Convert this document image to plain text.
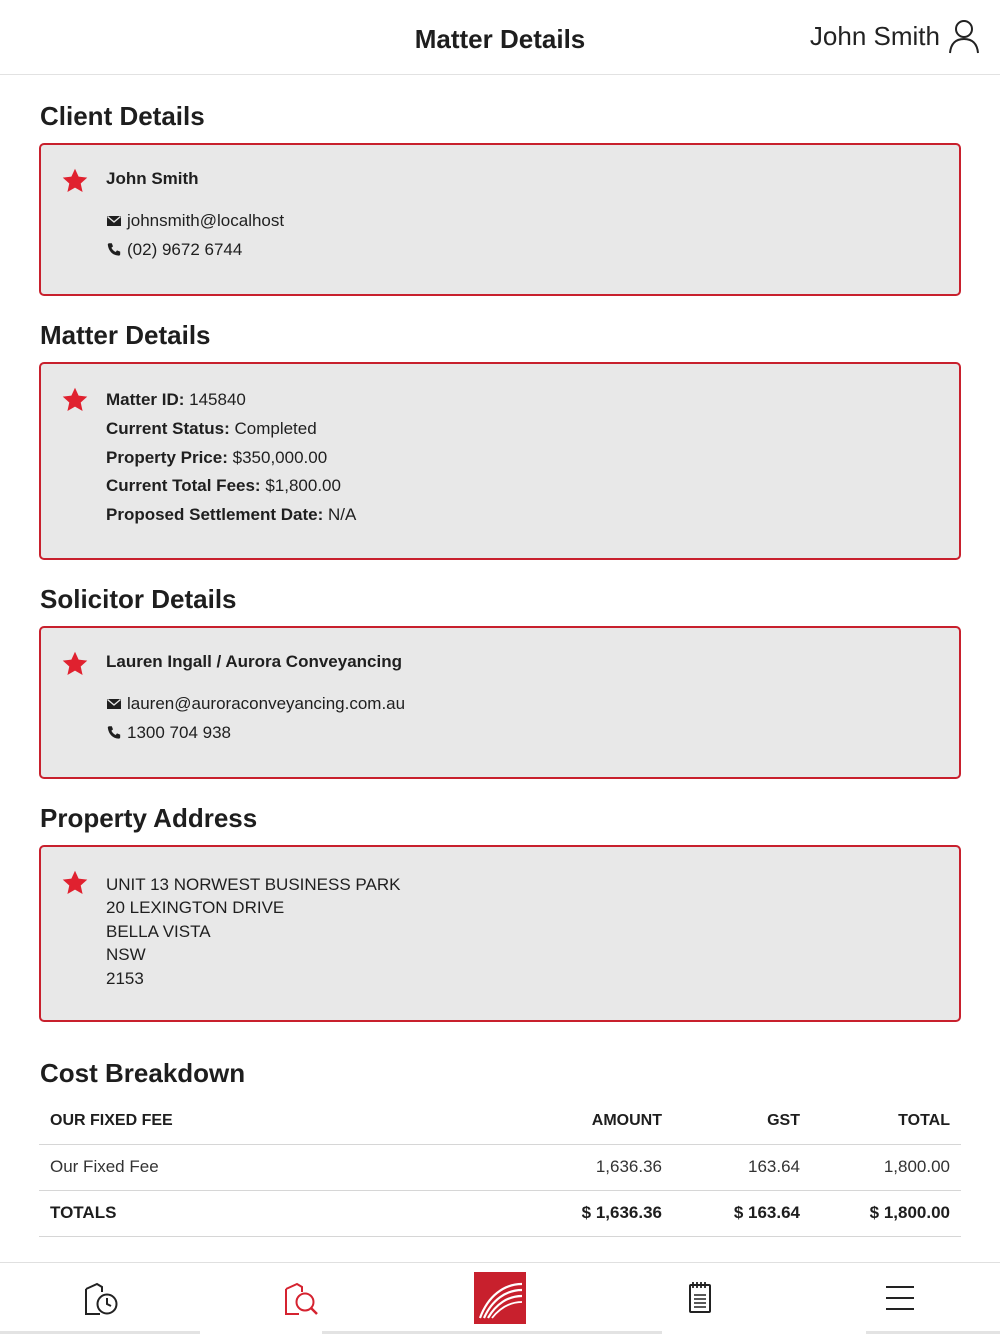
Matter Details	John Smith
Client Details
John Smith
johnsmith@localhost
(02) 9672 6744
Matter Details
Matter ID: 145840
Current Status: Completed
Property Price: $350,000.00
Current Total Fees: $1,800.00
Proposed Settlement Date: N/A
Solicitor Details
Lauren Ingall / Aurora Conveyancing
lauren@auroraconveyancing.com.au
1300 704 938
Property Address
UNIT 13 NORWEST BUSINESS PARK
20 LEXINGTON DRIVE
BELLA VISTA
NSW
2153
Cost Breakdown
OUR FIXED FEE	AMOUNT	GST	TOTAL
Our Fixed Fee	1,636.36	163.64	1,800.00
TOTALS	$ 1,636.36	$ 163.64	$ 1,800.00
